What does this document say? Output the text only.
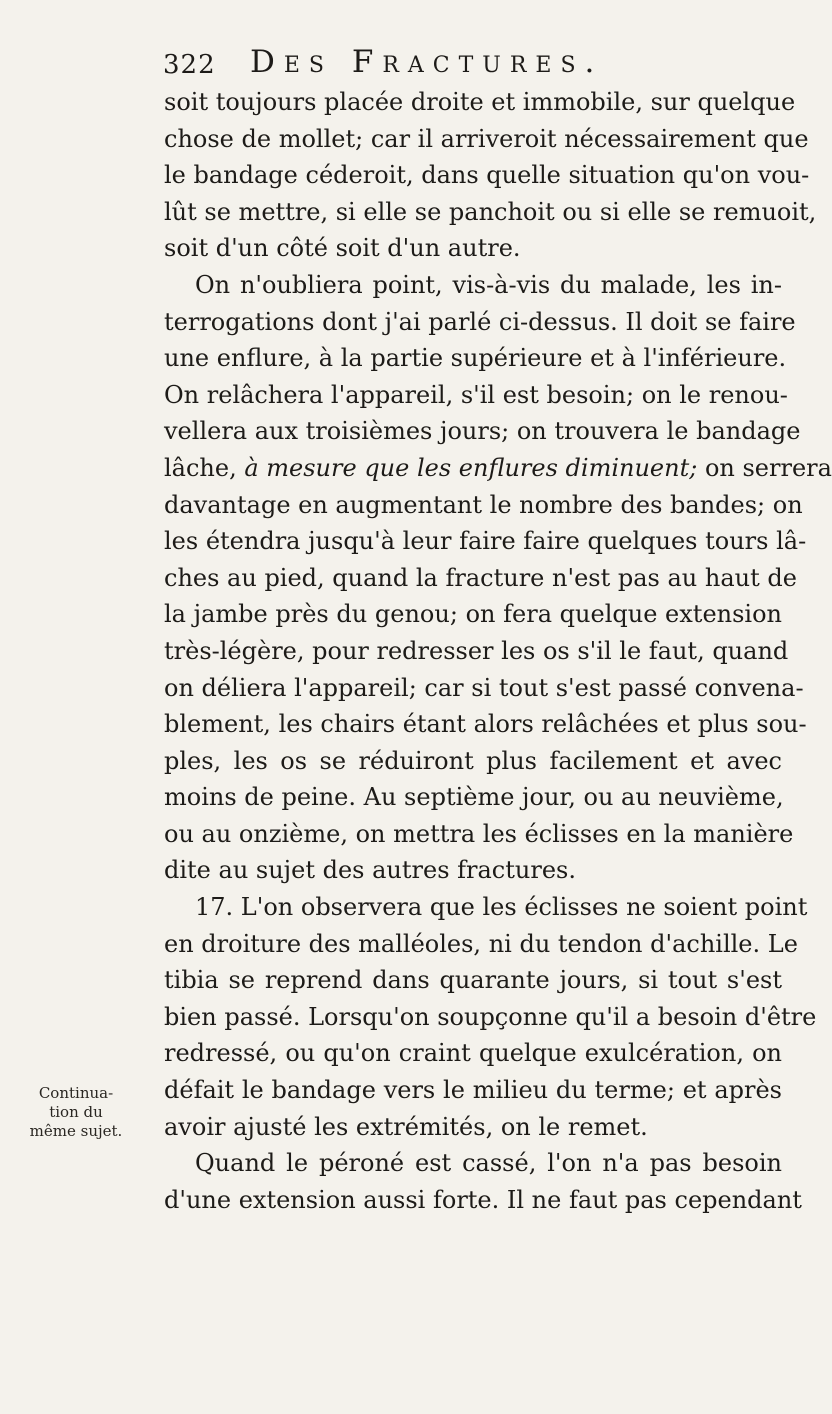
322 Des Fractures.
Continua-
tion du
même sujet.
soit toujours placée droite et immobile, sur quelque
chose de mollet; car il arriveroit nécessairement que
le bandage céderoit, dans quelle situation qu'on vou-
lût se mettre, si elle se panchoit ou si elle se remuoit,
soit d'un côté soit d'un autre.
On n'oubliera point, vis-à-vis du malade, les in-
terrogations dont j'ai parlé ci-dessus. Il doit se faire
une enflure, à la partie supérieure et à l'inférieure.
On relâchera l'appareil, s'il est besoin; on le renou-
vellera aux troisièmes jours; on trouvera le bandage
lâche, à mesure que les enflures diminuent; on serrera
davantage en augmentant le nombre des bandes; on
les étendra jusqu'à leur faire faire quelques tours lâ-
ches au pied, quand la fracture n'est pas au haut de
la jambe près du genou; on fera quelque extension
très-légère, pour redresser les os s'il le faut, quand
on déliera l'appareil; car si tout s'est passé convena-
blement, les chairs étant alors relâchées et plus sou-
ples, les os se réduiront plus facilement et avec
moins de peine. Au septième jour, ou au neuvième,
ou au onzième, on mettra les éclisses en la manière
dite au sujet des autres fractures.
17. L'on observera que les éclisses ne soient point
en droiture des malléoles, ni du tendon d'achille. Le
tibia se reprend dans quarante jours, si tout s'est
bien passé. Lorsqu'on soupçonne qu'il a besoin d'être
redressé, ou qu'on craint quelque exulcération, on
défait le bandage vers le milieu du terme; et après
avoir ajusté les extrémités, on le remet.
Quand le péroné est cassé, l'on n'a pas besoin
d'une extension aussi forte. Il ne faut pas cependant
